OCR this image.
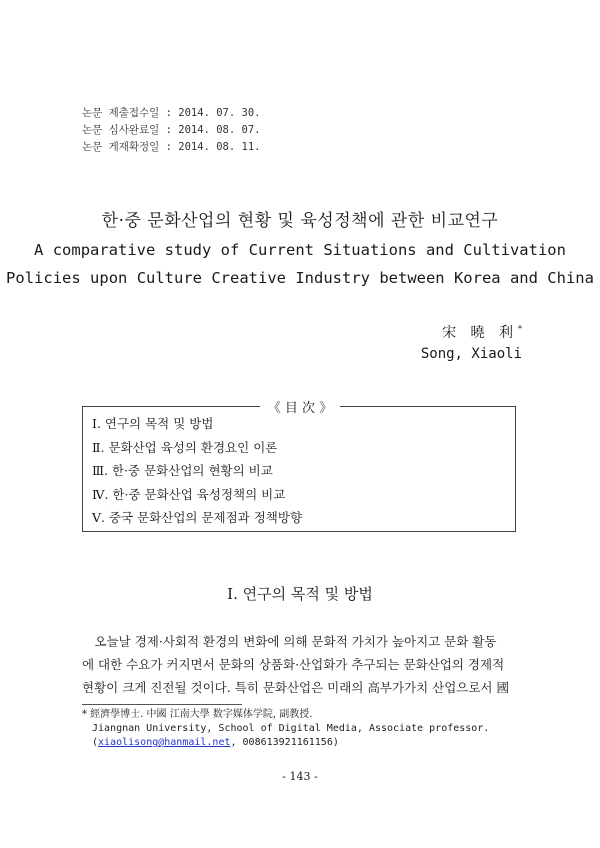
논문 제출접수일 : 2014. 07. 30.
논문 심사완료일 : 2014. 08. 07.
논문 게재확정일 : 2014. 08. 11.
한·중 문화산업의 현황 및 육성정책에 관한 비교연구
A comparative study of Current Situations and Cultivation
Policies upon Culture Creative Industry between Korea and China
宋 曉 利*
Song, Xiaoli
《 目 次 》
Ⅰ. 연구의 목적 및 방법
Ⅱ. 문화산업 육성의 환경요인 이론
Ⅲ. 한·중 문화산업의 현황의 비교
Ⅳ. 한·중 문화산업 육성정책의 비교
Ⅴ. 중국 문화산업의 문제점과 정책방향
Ⅰ. 연구의 목적 및 방법
　오늘날 경제·사회적 환경의 변화에 의해 문화적 가치가 높아지고 문화 활동
에 대한 수요가 커지면서 문화의 상품화·산업화가 추구되는 문화산업의 경제적
현황이 크게 진전될 것이다. 특히 문화산업은 미래의 高부가가치 산업으로서 國
* 經濟學博士. 中國 江南大學 数字媒体学院, 副教授.
Jiangnan University, School of Digital Media, Associate professor.
(xiaolisong@hanmail.net, 008613921161156)
- 143 -
